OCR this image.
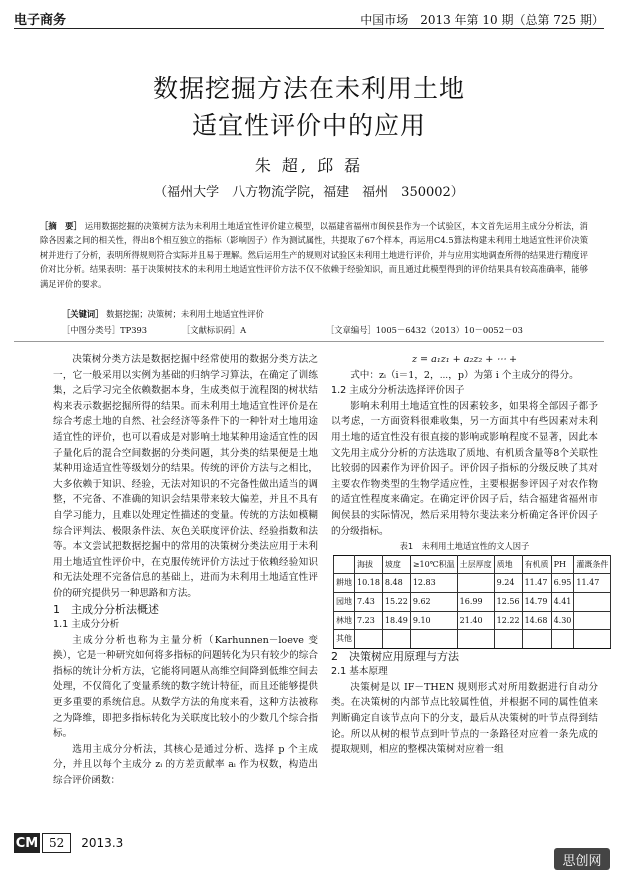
电子商务	中国市场　2013 年第 10 期（总第 725 期）
数据挖掘方法在未利用土地
适宜性评价中的应用
朱 超, 邱 磊
（福州大学　八方物流学院，福建　福州　350002）
［摘　要］ 运用数据挖掘的决策树方法为未利用土地适宜性评价建立模型，以福建省福州市闽侯县作为一个试验区，本文首先运用主成分分析法，消除各因素之间的相关性，得出8个相互独立的指标（影响因子）作为测试属性，共提取了67个样本，再运用C4.5算法构建未利用土地适宜性评价决策树并进行了分析，表明所得规则符合实际并且易于理解。然后运用生产的规则对试验区未利用土地进行评价，并与应用实地调查所得的结果进行精度评价对比分析。结果表明：基于决策树技术的未利用土地适宜性评价方法不仅不依赖于经验知识，而且通过此模型得到的评价结果具有较高准确率，能够满足评价的要求。
［关键词］ 数据挖掘；决策树；未利用土地适宜性评价
［中图分类号］TP393	［文献标识码］A	［文章编号］1005－6432（2013）10－0052－03

决策树分类方法是数据挖掘中经常使用的数据分类方法之一，它一般采用以实例为基础的归纳学习算法，在确定了训练集，之后学习完全依赖数据本身，生成类似于流程图的树状结构来表示数据挖掘所得的结果。而未利用土地适宜性评价是在综合考虑土地的自然、社会经济等条件下的一种针对土地用途适宜性的评价，也可以看成是对影响土地某种用途适宜性的因子量化后的混合空间数据的分类问题，其分类的结果便是土地某种用途适宜性等级划分的结果。传统的评价方法与之相比，大多依赖于知识、经验，无法对知识的不完备性做出适当的调整，不完备、不准确的知识会结果带来较大偏差，并且不具有自学习能力，且难以处理定性描述的变量。传统的方法如模糊综合评判法、极限条件法、灰色关联度评价法、经验指数和法等。本文尝试把数据挖掘中的常用的决策树分类法应用于未利用土地适宜性评价中，在克服传统评价方法过于依赖经验知识和无法处理不完备信息的基础上，进而为未利用土地适宜性评价的研究提供另一种思路和方法。

1　主成分分析法概述

1.1 主成分分析

主成分分析也称为主量分析（Karhunnen－loeve 变换），它是一种研究如何将多指标的问题转化为只有较少的综合指标的统计分析方法，它能将同题从高维空间降到低维空间去处理，不仅简化了变量系统的数字统计特征，而且还能够提供更多重要的系统信息。从数学方法的角度来看，这种方法被称之为降维，即把多指标转化为关联度比较小的少数几个综合指标。

选用主成分分析法，其核心是通过分析、选择 p 个主成分，并且以每个主成分 zᵢ 的方差贡献率 aᵢ 作为权数，构造出综合评价函数：

z = a₁z₁ + a₂z₂ + ⋯ +

式中：zᵢ（i＝1，2，⋯，p）为第 i 个主成分的得分。

1.2 主成分分析法选择评价因子

影响未利用土地适宜性的因素较多，如果将全部因子都予以考虑，一方面资料很难收集，另一方面其中有些因素对未利用土地的适宜性没有很直接的影响或影响程度不显著，因此本文先用主成分分析的方法选取了质地、有机质含量等8个关联性比较弱的因素作为评价因子。评价因子指标的分级反映了其对主要农作物类型的生物学适应性，主要根据参评因子对农作物的适宜性程度来确定。在确定评价因子后，结合福建省福州市闽侯县的实际情况，然后采用特尔斐法来分析确定各评价因子的分级指标。

表1　未利用土地适宜性的文人因子

	海拔	坡度	≥10℃积温	土层厚度	质地	有机质	PH	灌溉条件
耕地	10.18	8.48	12.83		9.24	11.47	6.95	11.47
园地	7.43	15.22	9.62	16.99	12.56	14.79	4.41	
林地	7.23	18.49	9.10	21.40	12.22	14.68	4.30	
其他								

2　决策树应用原理与方法

2.1 基本原理

决策树是以 IF－THEN 规则形式对所用数据进行自动分类。在决策树的内部节点比较属性值，并根据不同的属性值来判断确定自该节点向下的分支，最后从决策树的叶节点得到结论。所以从树的根节点到叶节点的一条路径对应着一条先成的提取规则，相应的整棵决策树对应着一组

CM 52	2013.3
思创网
